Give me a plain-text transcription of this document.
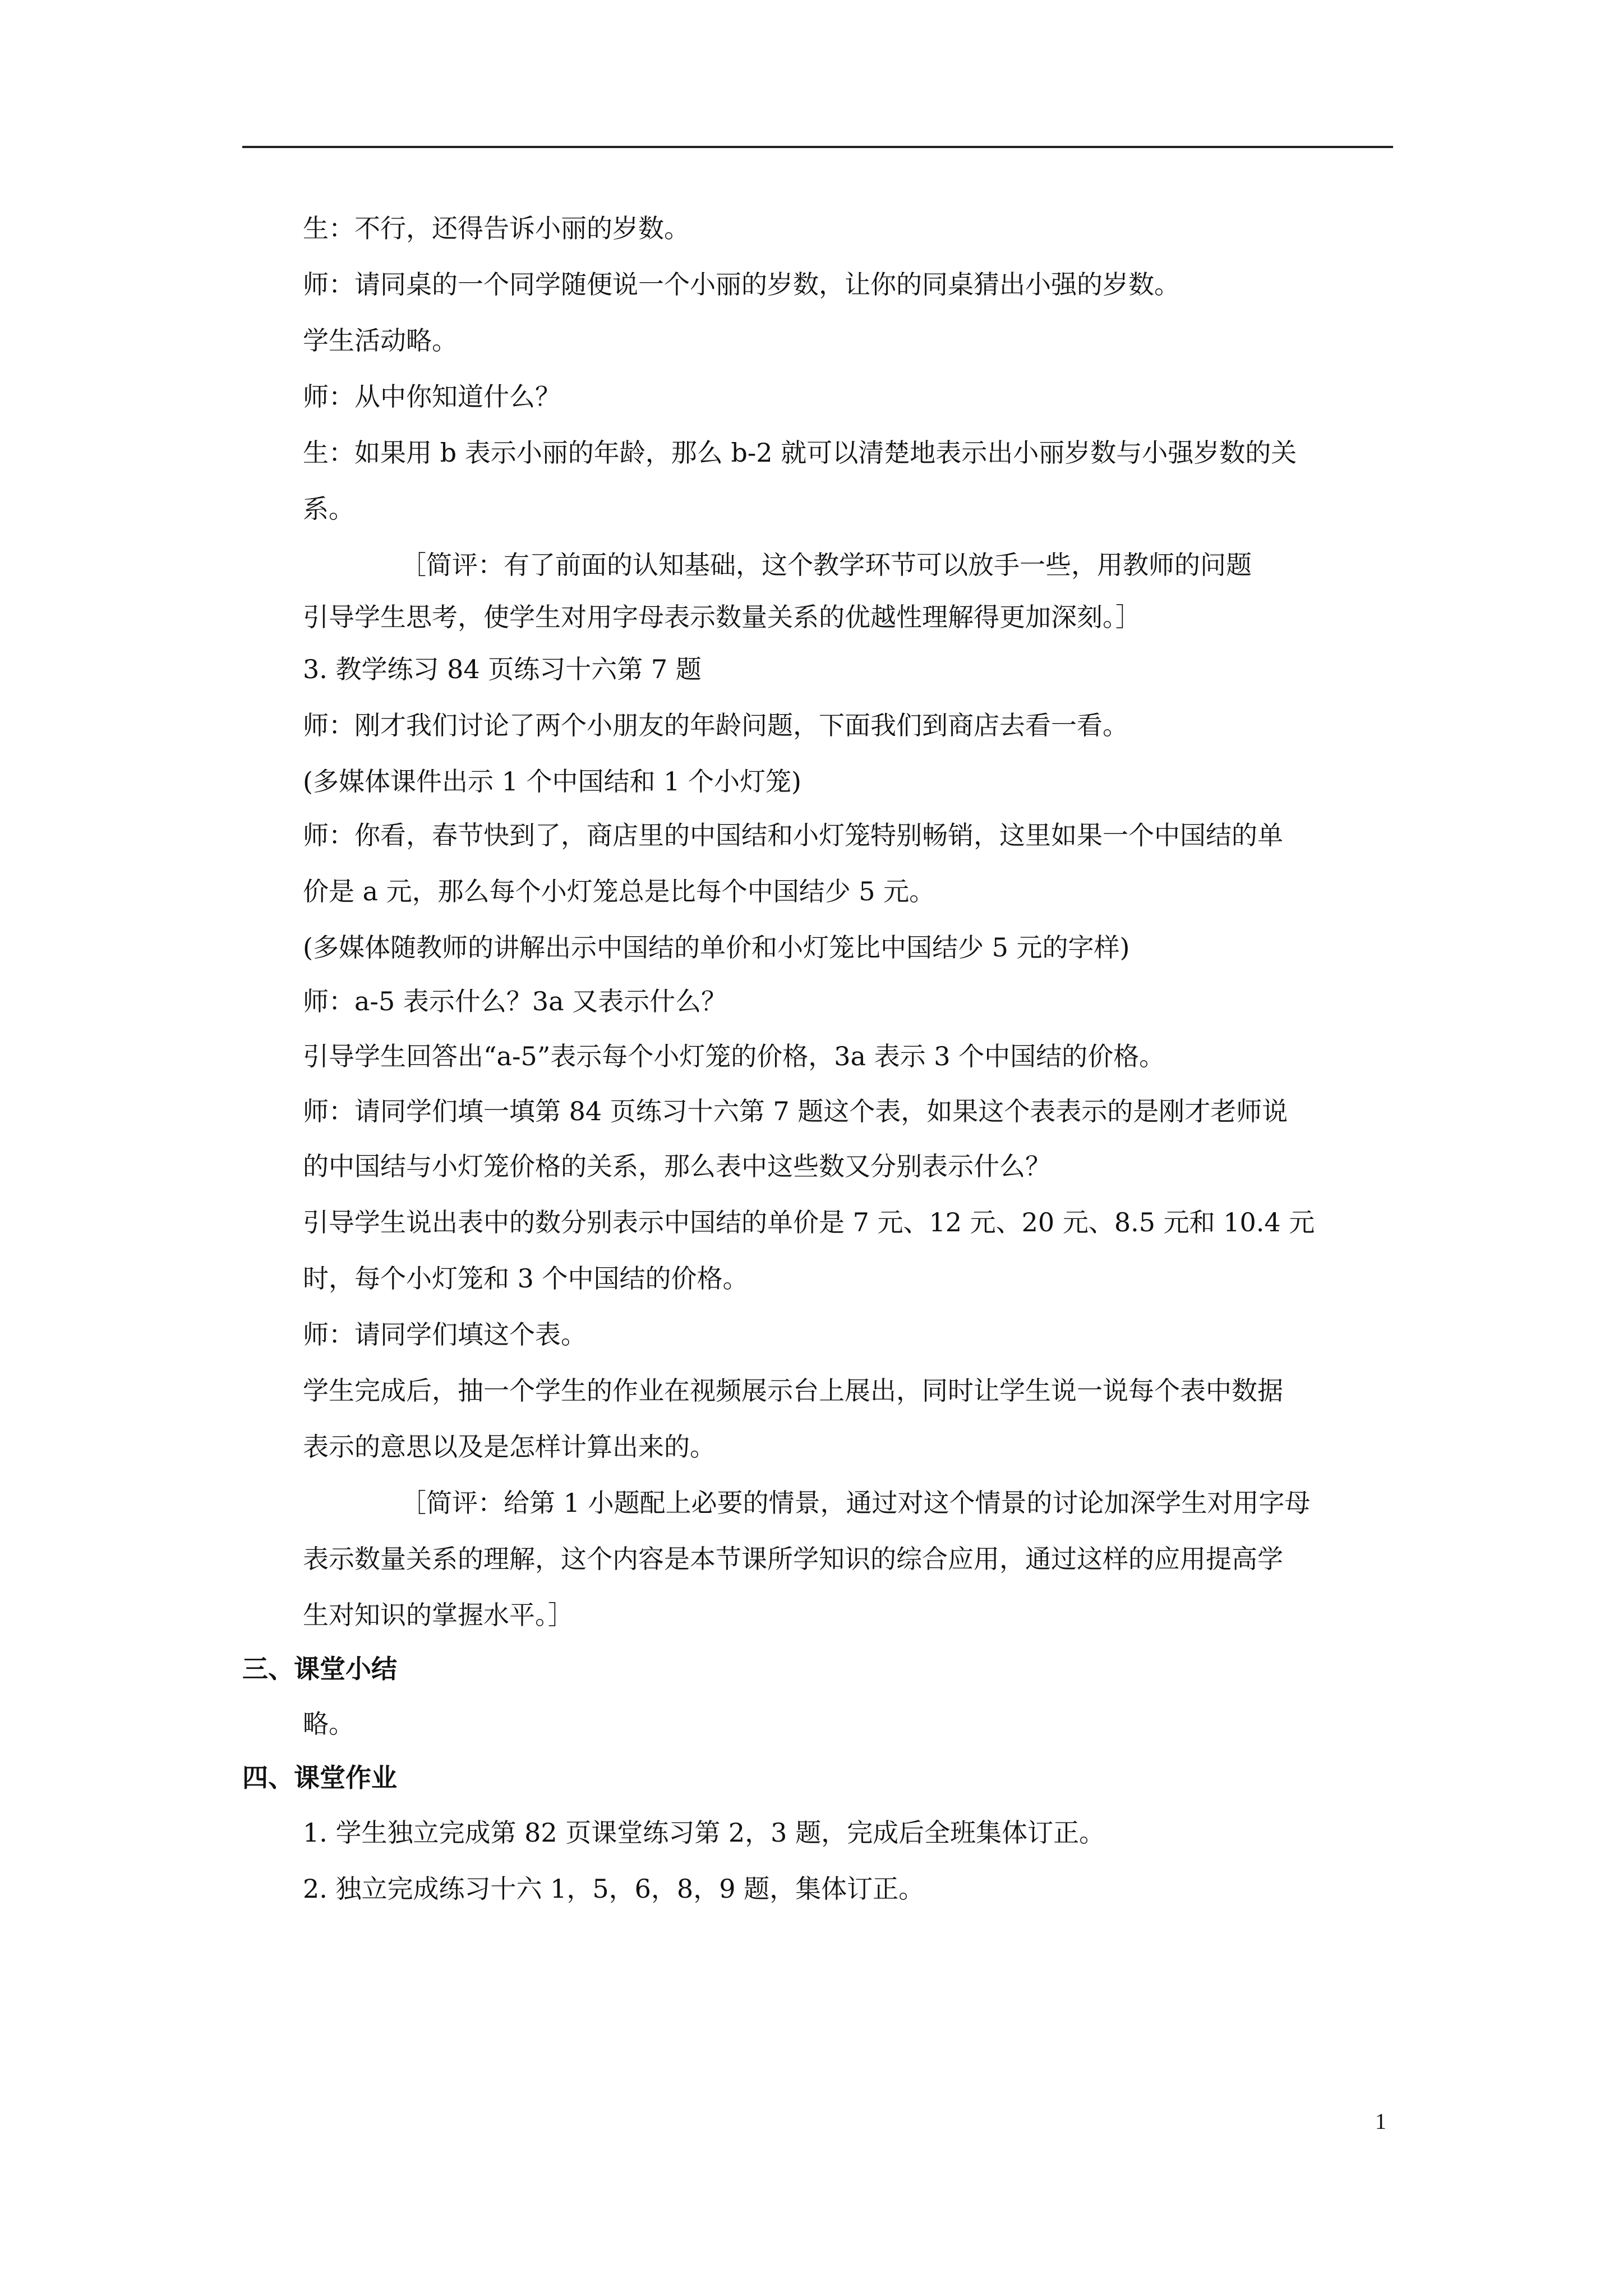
生：不行，还得告诉小丽的岁数。
师：请同桌的一个同学随便说一个小丽的岁数，让你的同桌猜出小强的岁数。
学生活动略。
师：从中你知道什么？
生：如果用 b 表示小丽的年龄，那么 b-2 就可以清楚地表示出小丽岁数与小强岁数的关
系。
［简评：有了前面的认知基础，这个教学环节可以放手一些，用教师的问题
引导学生思考，使学生对用字母表示数量关系的优越性理解得更加深刻。］
3. 教学练习 84 页练习十六第 7 题
师：刚才我们讨论了两个小朋友的年龄问题，下面我们到商店去看一看。
(多媒体课件出示 1 个中国结和 1 个小灯笼)
师：你看，春节快到了，商店里的中国结和小灯笼特别畅销，这里如果一个中国结的单
价是 a 元，那么每个小灯笼总是比每个中国结少 5 元。
(多媒体随教师的讲解出示中国结的单价和小灯笼比中国结少 5 元的字样)
师：a-5 表示什么？3a 又表示什么？
引导学生回答出“a-5”表示每个小灯笼的价格，3a 表示 3 个中国结的价格。
师：请同学们填一填第 84 页练习十六第 7 题这个表，如果这个表表示的是刚才老师说
的中国结与小灯笼价格的关系，那么表中这些数又分别表示什么？
引导学生说出表中的数分别表示中国结的单价是 7 元、12 元、20 元、8.5 元和 10.4 元
时，每个小灯笼和 3 个中国结的价格。
师：请同学们填这个表。
学生完成后，抽一个学生的作业在视频展示台上展出，同时让学生说一说每个表中数据
表示的意思以及是怎样计算出来的。
［简评：给第 1 小题配上必要的情景，通过对这个情景的讨论加深学生对用字母
表示数量关系的理解，这个内容是本节课所学知识的综合应用，通过这样的应用提高学
生对知识的掌握水平。］
三、课堂小结
略。
四、课堂作业
1. 学生独立完成第 82 页课堂练习第 2，3 题，完成后全班集体订正。
2. 独立完成练习十六 1，5，6，8，9 题，集体订正。
1
